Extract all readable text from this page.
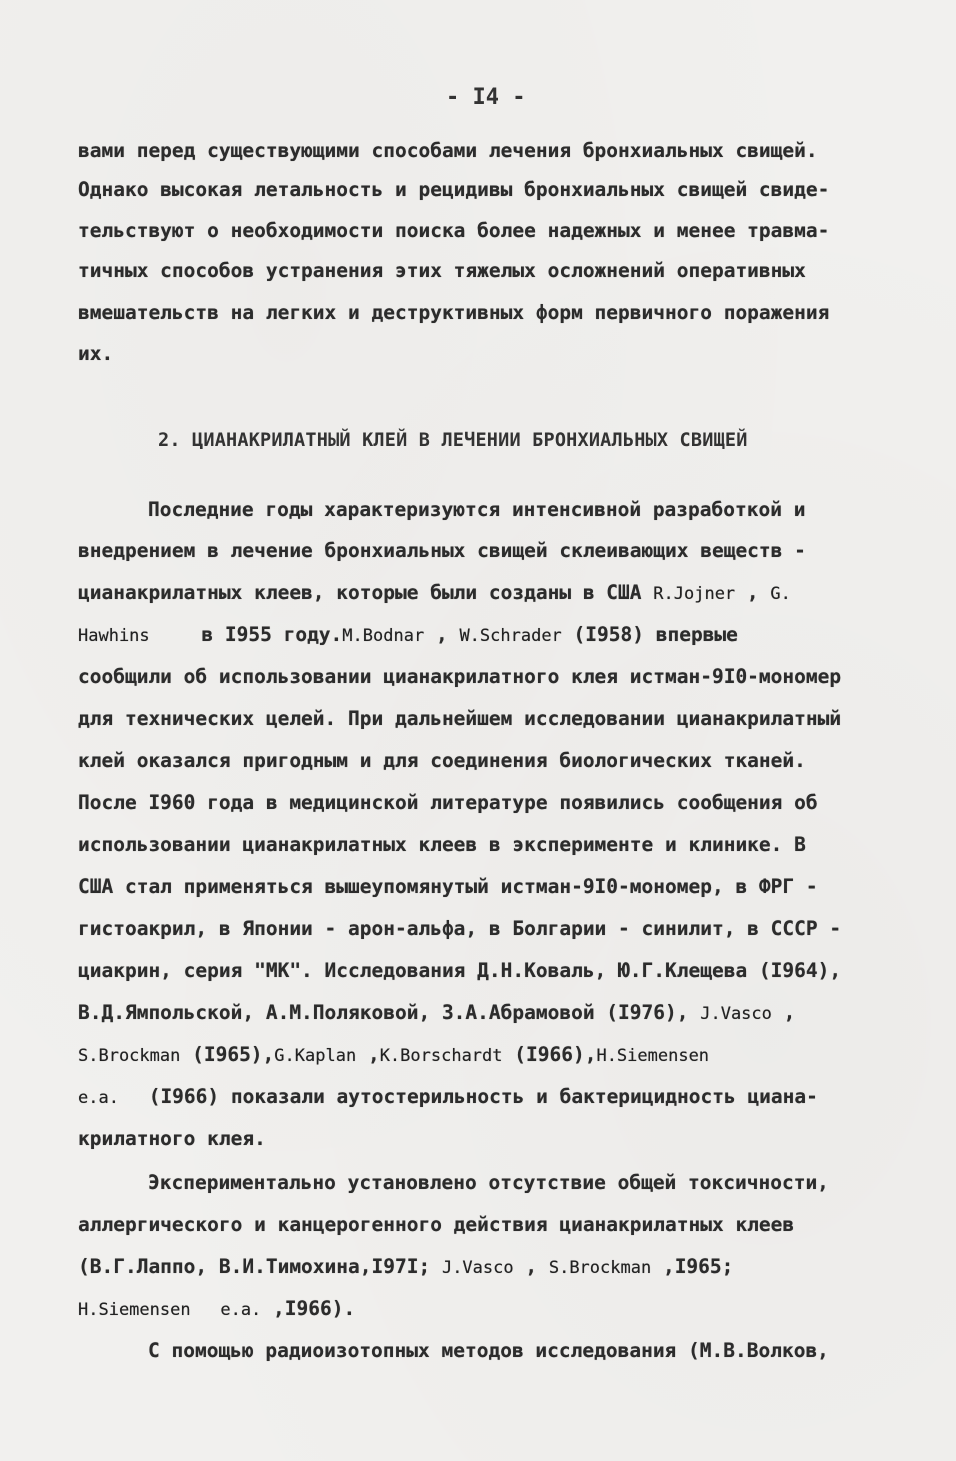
- I4 -
вами перед существующими способами лечения бронхиальных свищей.
Однако высокая летальность и рецидивы бронхиальных свищей свиде-
тельствуют о необходимости поиска более надежных и менее травма-
тичных способов устранения этих тяжелых осложнений оперативных
вмешательств на легких и деструктивных форм первичного поражения
их.
2. ЦИАНАКРИЛАТНЫЙ КЛЕЙ В ЛЕЧЕНИИ БРОНХИАЛЬНЫХ СВИЩЕЙ
Последние годы характеризуются интенсивной разработкой и
внедрением в лечение бронхиальных свищей склеивающих веществ -
цианакрилатных клеев, которые были созданы в США R.Jojner , G.
Hawhins	в I955 году.M.Bodnar , W.Schrader (I958) впервые
сообщили об использовании цианакрилатного клея истман-9I0-мономер
для технических целей. При дальнейшем исследовании цианакрилатный
клей оказался пригодным и для соединения биологических тканей.
После I960 года в медицинской литературе появились сообщения об
использовании цианакрилатных клеев в эксперименте и клинике. В
США стал применяться вышеупомянутый истман-9I0-мономер, в ФРГ -
гистоакрил, в Японии - арон-альфа, в Болгарии - синилит, в СССР -
циакрин, серия "МК". Исследования Д.Н.Коваль, Ю.Г.Клещева (I964),
В.Д.Ямпольской, А.М.Поляковой, З.А.Абрамовой (I976), J.Vasco ,
S.Brockman (I965),G.Kaplan ,K.Borschardt (I966),H.Siemensen
e.a. (I966) показали аутостерильность и бактерицидность циана-
крилатного клея.
Экспериментально установлено отсутствие общей токсичности,
аллергического и канцерогенного действия цианакрилатных клеев
(В.Г.Лаппо, В.И.Тимохина,I97I; J.Vasco , S.Brockman ,I965;
H.Siemensen e.a. ,I966).
С помощью радиоизотопных методов исследования (М.В.Волков,
